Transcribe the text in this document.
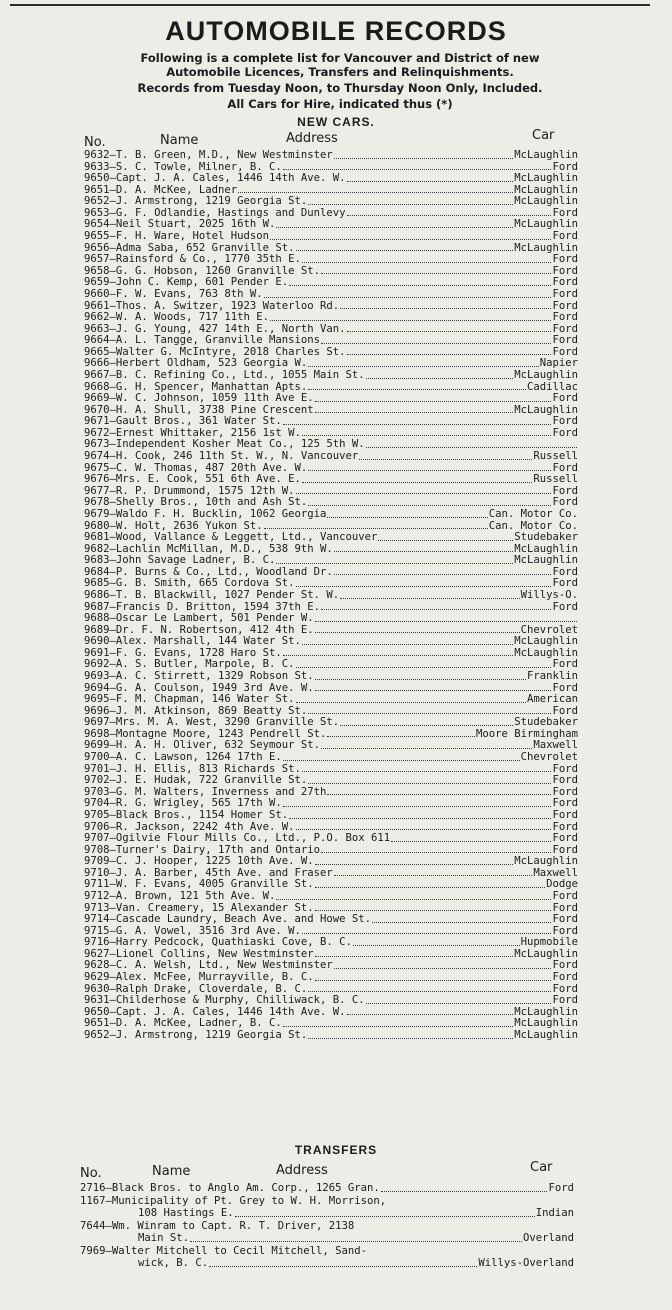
AUTOMOBILE RECORDS
Following is a complete list for Vancouver and District of new
Automobile Licences, Transfers and Relinquishments.
Records from Tuesday Noon, to Thursday Noon Only, Included.
All Cars for Hire, indicated thus (*)
NEW CARS.
No.	Name	Address	Car
9632 — T. B. Green, M.D., New Westminster	McLaughlin
9633 — S. C. Towle, Milner, B. C.	Ford
9650 — Capt. J. A. Cales, 1446 14th Ave. W.	McLaughlin
9651 — D. A. McKee, Ladner	McLaughlin
9652 — J. Armstrong, 1219 Georgia St.	McLaughlin
9653 — G. F. Odlandie, Hastings and Dunlevy	Ford
9654 — Neil Stuart, 2025 16th W.	McLaughlin
9655 — F. H. Ware, Hotel Hudson	Ford
9656 — Adma Saba, 652 Granville St.	McLaughlin
9657 — Rainsford & Co., 1770 35th E.	Ford
9658 — G. G. Hobson, 1260 Granville St.	Ford
9659 — John C. Kemp, 601 Pender E.	Ford
9660 — F. W. Evans, 763 8th W.	Ford
9661 — Thos. A. Switzer, 1923 Waterloo Rd.	Ford
9662 — W. A. Woods, 717 11th E.	Ford
9663 — J. G. Young, 427 14th E., North Van.	Ford
9664 — A. L. Tangge, Granville Mansions	Ford
9665 — Walter G. McIntyre, 2018 Charles St.	Ford
9666 — Herbert Oldham, 523 Georgia W.	Napier
9667 — B. C. Refining Co., Ltd., 1055 Main St.	McLaughlin
9668 — G. H. Spencer, Manhattan Apts.	Cadillac
9669 — W. C. Johnson, 1059 11th Ave E.	Ford
9670 — H. A. Shull, 3738 Pine Crescent	McLaughlin
9671 — Gault Bros., 361 Water St.	Ford
9672 — Ernest Whittaker, 2156 1st W.	Ford
9673 — Independent Kosher Meat Co., 125 5th W.
9674 — H. Cook, 246 11th St. W., N. Vancouver	Russell
9675 — C. W. Thomas, 487 20th Ave. W.	Ford
9676 — Mrs. E. Cook, 551 6th Ave. E.	Russell
9677 — R. P. Drummond, 1575 12th W.	Ford
9678 — Shelly Bros., 10th and Ash St.	Ford
9679 — Waldo F. H. Bucklin, 1062 Georgia	Can. Motor Co.
9680 — W. Holt, 2636 Yukon St.	Can. Motor Co.
9681 — Wood, Vallance & Leggett, Ltd., Vancouver	Studebaker
9682 — Lachlin McMillan, M.D., 538 9th W.	McLaughlin
9683 — John Savage Ladner, B. C.	McLaughlin
9684 — P. Burns & Co., Ltd., Woodland Dr.	Ford
9685 — G. B. Smith, 665 Cordova St.	Ford
9686 — T. B. Blackwill, 1027 Pender St. W.	Willys-O.
9687 — Francis D. Britton, 1594 37th E.	Ford
9688 — Oscar Le Lambert, 501 Pender W.
9689 — Dr. F. N. Robertson, 412 4th E.	Chevrolet
9690 — Alex. Marshall, 144 Water St.	McLaughlin
9691 — F. G. Evans, 1728 Haro St.	McLaughlin
9692 — A. S. Butler, Marpole, B. C.	Ford
9693 — A. C. Stirrett, 1329 Robson St.	Franklin
9694 — G. A. Coulson, 1949 3rd Ave. W.	Ford
9695 — F. M. Chapman, 146 Water St.	American
9696 — J. M. Atkinson, 869 Beatty St.	Ford
9697 — Mrs. M. A. West, 3290 Granville St.	Studebaker
9698 — Montagne Moore, 1243 Pendrell St.	Moore Birmingham
9699 — H. A. H. Oliver, 632 Seymour St.	Maxwell
9700 — A. C. Lawson, 1264 17th E.	Chevrolet
9701 — J. H. Ellis, 813 Richards St.	Ford
9702 — J. E. Hudak, 722 Granville St.	Ford
9703 — G. M. Walters, Inverness and 27th	Ford
9704 — R. G. Wrigley, 565 17th W.	Ford
9705 — Black Bros., 1154 Homer St.	Ford
9706 — R. Jackson, 2242 4th Ave. W.	Ford
9707 — Ogilvie Flour Mills Co., Ltd., P.O. Box 611	Ford
9708 — Turner's Dairy, 17th and Ontario	Ford
9709 — C. J. Hooper, 1225 10th Ave. W.	McLaughlin
9710 — J. A. Barber, 45th Ave. and Fraser	Maxwell
9711 — W. F. Evans, 4005 Granville St.	Dodge
9712 — A. Brown, 121 5th Ave. W.	Ford
9713 — Van. Creamery, 15 Alexander St.	Ford
9714 — Cascade Laundry, Beach Ave. and Howe St.	Ford
9715 — G. A. Vowel, 3516 3rd Ave. W.	Ford
9716 — Harry Pedcock, Quathiaski Cove, B. C.	Hupmobile
9627 — Lionel Collins, New Westminster	McLaughlin
9628 — C. A. Welsh, Ltd., New Westminster	Ford
9629 — Alex. McFee, Murrayville, B. C.	Ford
9630 — Ralph Drake, Cloverdale, B. C.	Ford
9631 — Childerhose & Murphy, Chilliwack, B. C.	Ford
9650 — Capt. J. A. Cales, 1446 14th Ave. W.	McLaughlin
9651 — D. A. McKee, Ladner, B. C.	McLaughlin
9652 — J. Armstrong, 1219 Georgia St.	McLaughlin
TRANSFERS
No.	Name	Address	Car
2716 — Black Bros. to Anglo Am. Corp., 1265 Gran.	Ford
1167 — Municipality of Pt. Grey to W. H. Morrison,
108 Hastings E.	Indian
7644 — Wm. Winram to Capt. R. T. Driver, 2138
Main St.	Overland
7969 — Walter Mitchell to Cecil Mitchell, Sand-
wick, B. C.	Willys-Overland
